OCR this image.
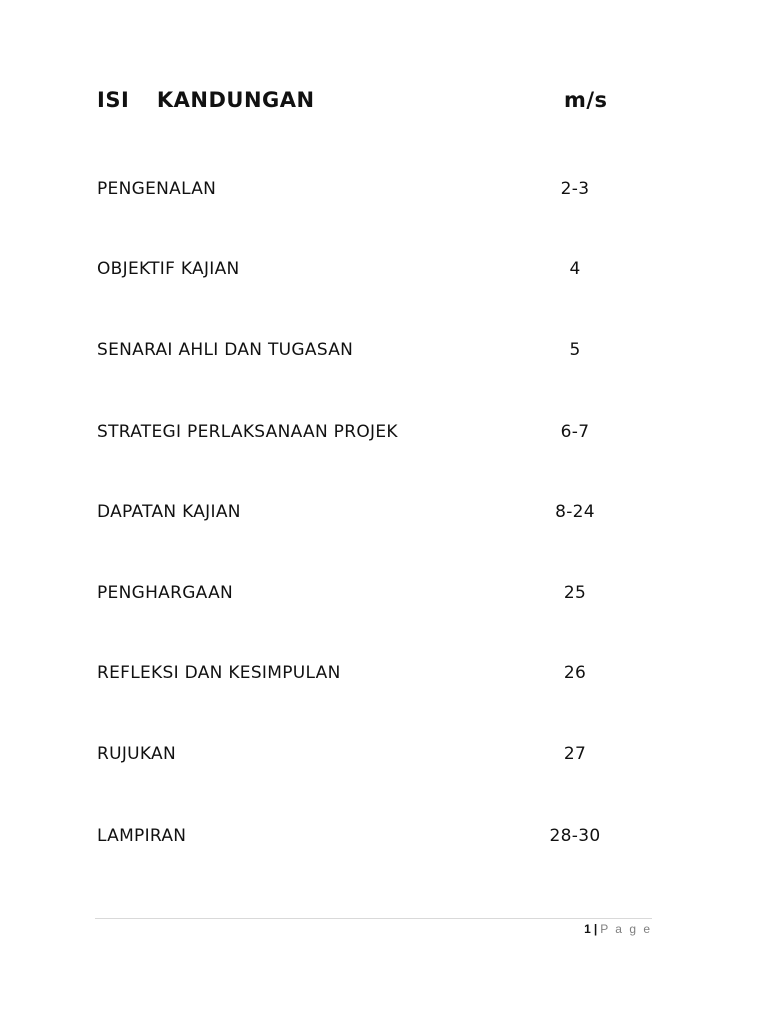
ISI  KANDUNGAN	m/s
PENGENALAN	2-3
OBJEKTIF KAJIAN	4
SENARAI AHLI DAN TUGASAN	5
STRATEGI PERLAKSANAAN PROJEK	6-7
DAPATAN KAJIAN	8-24
PENGHARGAAN	25
REFLEKSI DAN KESIMPULAN	26
RUJUKAN	27
LAMPIRAN	28-30
1 | P a g e
